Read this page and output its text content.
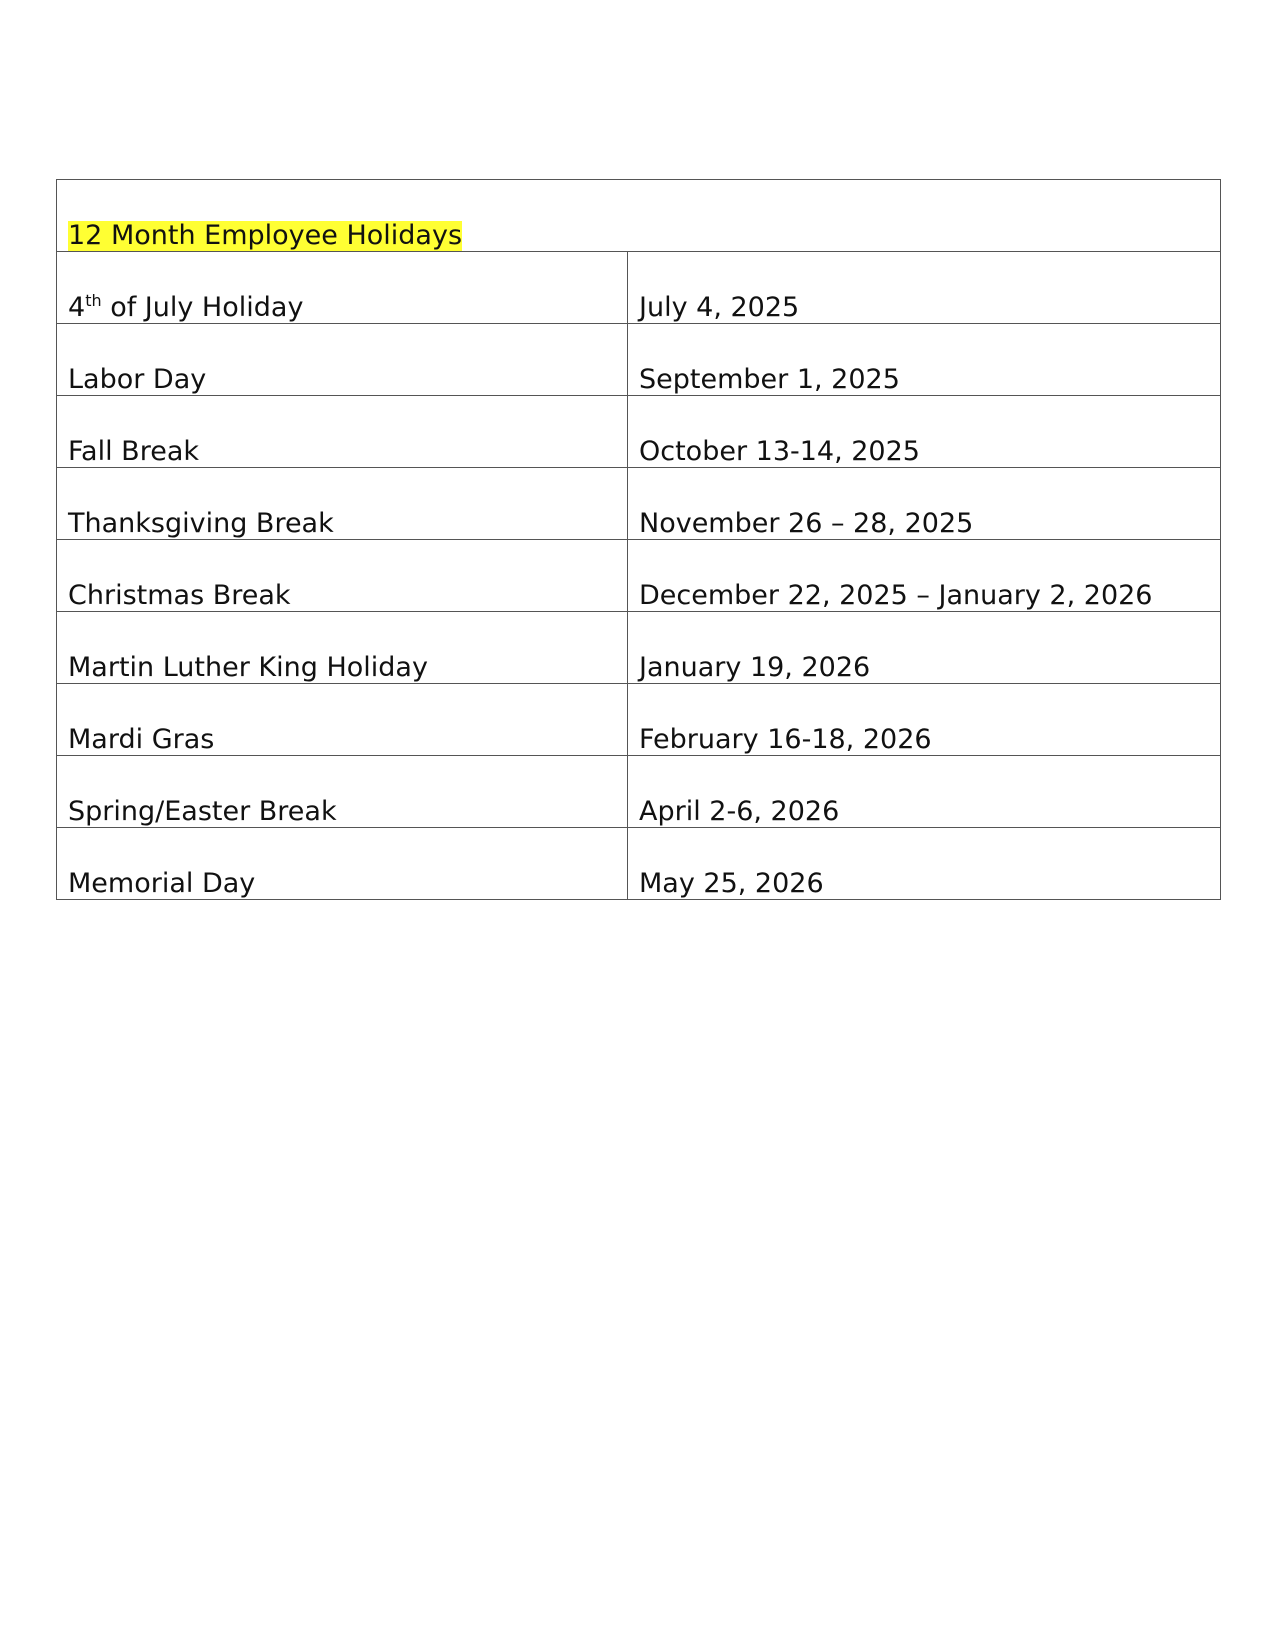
12 Month Employee Holidays	
4th of July Holiday	July 4, 2025
Labor Day	September 1, 2025
Fall Break	October 13-14, 2025
Thanksgiving Break	November 26 – 28, 2025
Christmas Break	December 22, 2025 – January 2, 2026
Martin Luther King Holiday	January 19, 2026
Mardi Gras	February 16-18, 2026
Spring/Easter Break	April 2-6, 2026
Memorial Day	May 25, 2026
